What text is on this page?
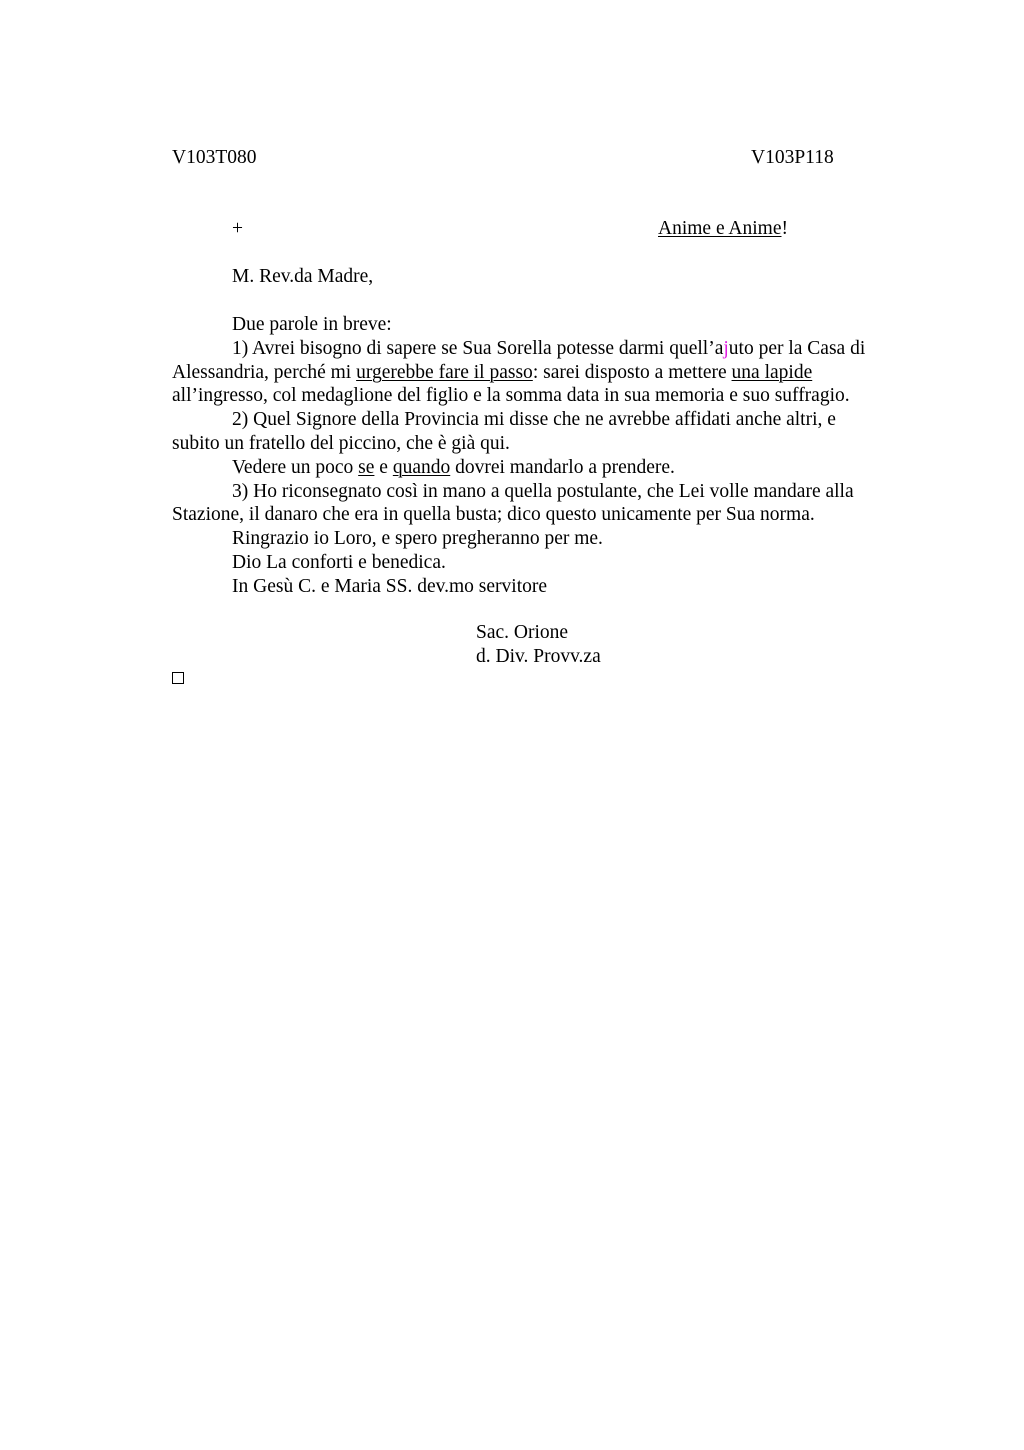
V103T080	V103P118
+	Anime e Anime!
M. Rev.da Madre,
Due parole in breve:
1) Avrei bisogno di sapere se Sua Sorella potesse darmi quell’ajuto per la Casa di
Alessandria, perché mi urgerebbe fare il passo: sarei disposto a mettere una lapide
all’ingresso, col medaglione del figlio e la somma data in sua memoria e suo suffragio.
2) Quel Signore della Provincia mi disse che ne avrebbe affidati anche altri, e
subito un fratello del piccino, che è già qui.
Vedere un poco se e quando dovrei mandarlo a prendere.
3) Ho riconsegnato così in mano a quella postulante, che Lei volle mandare alla
Stazione, il danaro che era in quella busta; dico questo unicamente per Sua norma.
Ringrazio io Loro, e spero pregheranno per me.
Dio La conforti e benedica.
In Gesù C. e Maria SS. dev.mo servitore
Sac. Orione
d. Div. Provv.za
